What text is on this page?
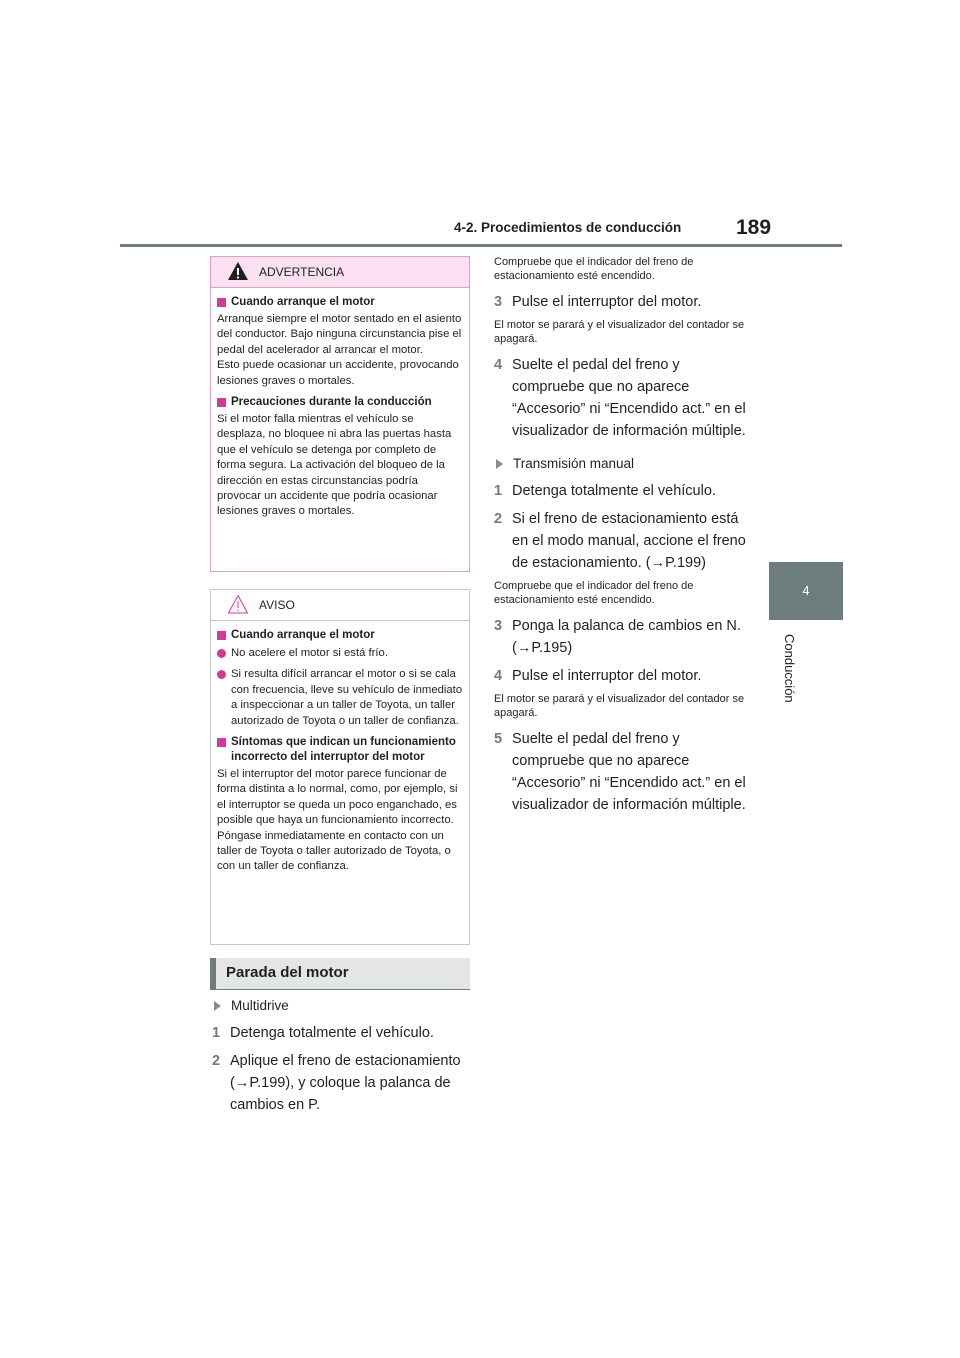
4-2. Procedimientos de conducción	189
4
Conducción
ADVERTENCIA
Cuando arranque el motor
Arranque siempre el motor sentado en el asiento del conductor. Bajo ninguna circunstancia pise el pedal del acelerador al arrancar el motor.
Esto puede ocasionar un accidente, provocando lesiones graves o mortales.
Precauciones durante la conducción
Si el motor falla mientras el vehículo se desplaza, no bloquee ni abra las puertas hasta que el vehículo se detenga por completo de forma segura. La activación del bloqueo de la dirección en estas circunstancias podría provocar un accidente que podría ocasionar lesiones graves o mortales.
AVISO
Cuando arranque el motor
No acelere el motor si está frío.
Si resulta difícil arrancar el motor o si se cala con frecuencia, lleve su vehículo de inmediato a inspeccionar a un taller de Toyota, un taller autorizado de Toyota o un taller de confianza.
Síntomas que indican un funcionamiento incorrecto del interruptor del motor
Si el interruptor del motor parece funcionar de forma distinta a lo normal, como, por ejemplo, si el interruptor se queda un poco enganchado, es posible que haya un funcionamiento incorrecto. Póngase inmediatamente en contacto con un taller de Toyota o taller autorizado de Toyota, o con un taller de confianza.
Parada del motor
Multidrive
1 Detenga totalmente el vehículo.
2 Aplique el freno de estacionamiento (→P.199), y coloque la palanca de cambios en P.
Compruebe que el indicador del freno de estacionamiento esté encendido.
3 Pulse el interruptor del motor.
El motor se parará y el visualizador del contador se apagará.
4 Suelte el pedal del freno y compruebe que no aparece “Accesorio” ni “Encendido act.” en el visualizador de información múltiple.
Transmisión manual
1 Detenga totalmente el vehículo.
2 Si el freno de estacionamiento está en el modo manual, accione el freno de estacionamiento. (→P.199)
Compruebe que el indicador del freno de estacionamiento esté encendido.
3 Ponga la palanca de cambios en N. (→P.195)
4 Pulse el interruptor del motor.
El motor se parará y el visualizador del contador se apagará.
5 Suelte el pedal del freno y compruebe que no aparece “Accesorio” ni “Encendido act.” en el visualizador de información múltiple.
